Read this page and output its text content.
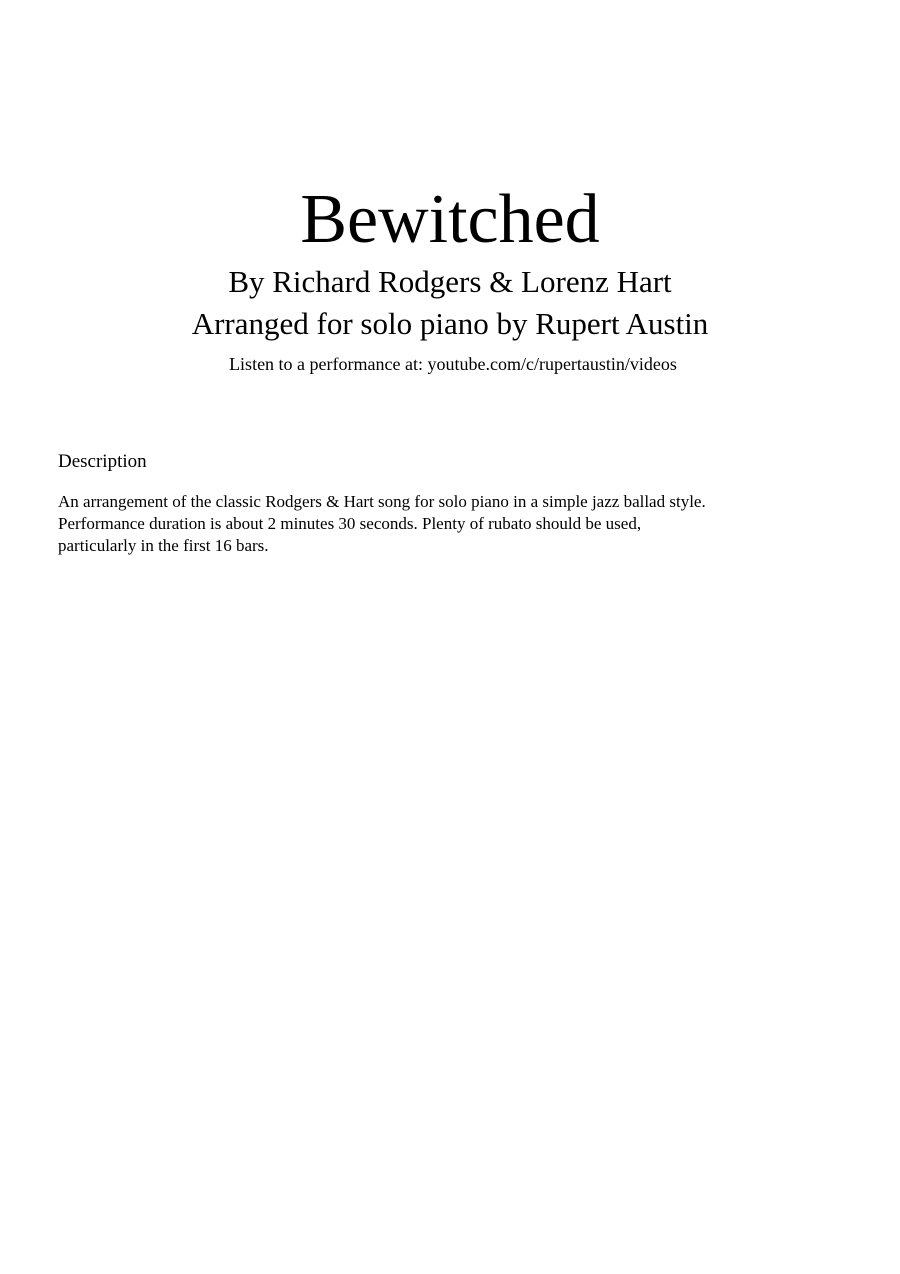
Bewitched
By Richard Rodgers & Lorenz Hart
Arranged for solo piano by Rupert Austin
Listen to a performance at: youtube.com/c/rupertaustin/videos
Description

An arrangement of the classic Rodgers & Hart song for solo piano in a simple jazz ballad style.
Performance duration is about 2 minutes 30 seconds. Plenty of rubato should be used,
particularly in the first 16 bars.
